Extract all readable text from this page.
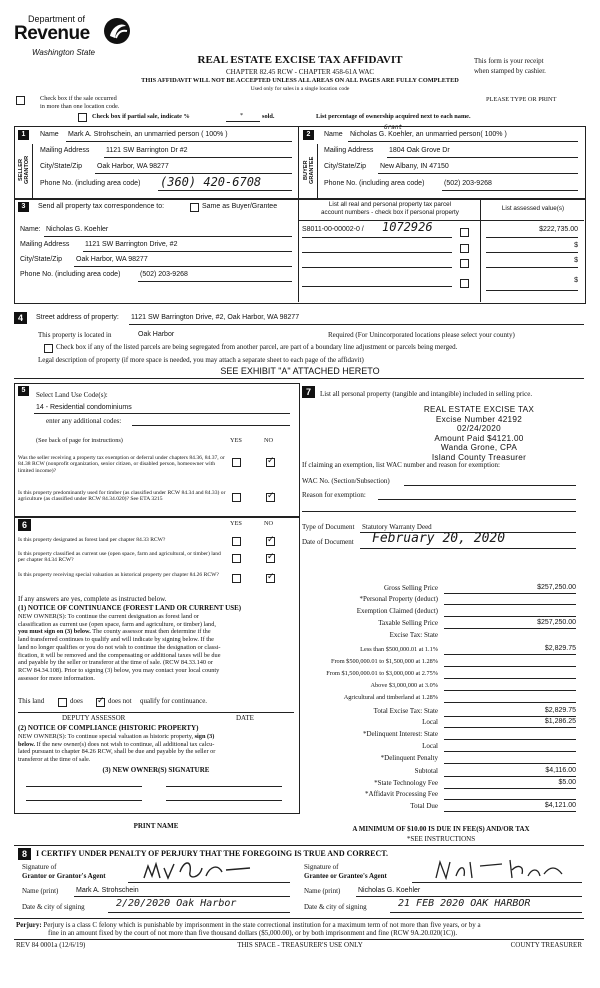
Department of
Revenue
Washington State
REAL ESTATE EXCISE TAX AFFIDAVIT
CHAPTER 82.45 RCW - CHAPTER 458-61A WAC
THIS AFFIDAVIT WILL NOT BE ACCEPTED UNLESS ALL AREAS ON ALL PAGES ARE FULLY COMPLETED
Used only for sales in a single location code
This form is your receipt
when stamped by cashier.
Check box if the sale occurred
in more than one location code.
PLEASE TYPE OR PRINT
Check box if partial sale, indicate %	*	sold.	List percentage of ownership acquired next to each name.
1
SELLER GRANTOR
Name Mark A. Strohschein, an unmarried person ( 100% )
Mailing Address 1121 SW Barrington Dr #2
City/State/Zip Oak Harbor, WA 98277
Phone No. (including area code) (360) 420-6708
2
BUYER GRANTEE
Name Nicholas G. Koehler, an unmarried person( 100% )
Grant
Mailing Address 1804 Oak Grove Dr
City/State/Zip New Albany, IN 47150
Phone No. (including area code)	(502) 203-9268
3	Send all property tax correspondence to:	Same as Buyer/Grantee
Name: Nicholas G. Koehler
Mailing Address 1121 SW Barrington Drive, #2
City/State/Zip Oak Harbor, WA 98277
Phone No. (including area code)	(502) 203-9268
List all real and personal property tax parcel
account numbers - check box if personal property
List assessed value(s)
S8011-00-00002-0 / 1072926	$222,735.00
$
$
$
4	Street address of property: 1121 SW Barrington Drive, #2, Oak Harbor, WA 98277
This property is located in	Oak Harbor	Required (For Unincorporated locations please select your county)
Check box if any of the listed parcels are being segregated from another parcel, are part of a boundary line adjustment or parcels being merged.
Legal description of property (if more space is needed, you may attach a separate sheet to each page of the affidavit)
SEE EXHIBIT "A" ATTACHED HERETO
5
Select Land Use Code(s):
14 - Residential condominiums
enter any additional codes:
(See back of page for instructions)	YES	NO
Was the seller receiving a property tax exemption or deferral under chapters 84.36, 84.37, or 84.38 RCW (nonprofit organization, senior citizen, or disabled person, homeowner with limited income)?
✓
Is this property predominantly used for timber (as classified under RCW 84.34 and 84.33) or agriculture (as classified under RCW 84.34.020)? See ETA 3215
✓
6	YES	NO
Is this property designated as forest land per chapter 84.33 RCW?
✓
Is this property classified as current use (open space, farm and agricultural, or timber) land per chapter 84.34 RCW?
✓
Is this property receiving special valuation as historical property per chapter 84.26 RCW?
✓
If any answers are yes, complete as instructed below.
(1) NOTICE OF CONTINUANCE (FOREST LAND OR CURRENT USE)
NEW OWNER(S): To continue the current designation as forest land or
classification as current use (open space, farm and agriculture, or timber) land,
you must sign on (3) below. The county assessor must then determine if the
land transferred continues to qualify and will indicate by signing below. If the
land no longer qualifies or you do not wish to continue the designation or classi-
fication, it will be removed and the compensating or additional taxes will be due
and payable by the seller or transferor at the time of sale. (RCW 84.33.140 or
RCW 84.34.108). Prior to signing (3) below, you may contact your local county
assessor for more information.
This land	does
✓	does not qualify for continuance.
DEPUTY ASSESSOR	DATE
(2) NOTICE OF COMPLIANCE (HISTORIC PROPERTY)
NEW OWNER(S): To continue special valuation as historic property, sign (3)
below. If the new owner(s) does not wish to continue, all additional tax calcu-
lated pursuant to chapter 84.26 RCW, shall be due and payable by the seller or
transferor at the time of sale.
(3) NEW OWNER(S) SIGNATURE
PRINT NAME
7	List all personal property (tangible and intangible) included in selling price.
REAL ESTATE EXCISE TAX
Excise Number 42192
02/24/2020
Amount Paid $4121.00
Wanda Grone, CPA
Island County Treasurer
If claiming an exemption, list WAC number and reason for exemption:
WAC No. (Section/Subsection)
Reason for exemption:
Type of Document Statutory Warranty Deed
Date of Document February 20, 2020
Gross Selling Price	$257,250.00
*Personal Property (deduct)
Exemption Claimed (deduct)
Taxable Selling Price	$257,250.00
Excise Tax: State
Less than $500,000.01 at 1.1%	$2,829.75
From $500,000.01 to $1,500,000 at 1.28%
From $1,500,000.01 to $3,000,000 at 2.75%
Above $3,000,000 at 3.0%
Agricultural and timberland at 1.28%
Total Excise Tax: State	$2,829.75
Local	$1,286.25
*Delinquent Interest: State
Local
*Delinquent Penalty
Subtotal	$4,116.00
*State Technology Fee	$5.00
*Affidavit Processing Fee
Total Due	$4,121.00
A MINIMUM OF $10.00 IS DUE IN FEE(S) AND/OR TAX
*SEE INSTRUCTIONS
8	I CERTIFY UNDER PENALTY OF PERJURY THAT THE FOREGOING IS TRUE AND CORRECT.
Signature of
Grantor or Grantor's Agent
Name (print)	Mark A. Strohschein
Date & city of signing	2/20/2020 Oak Harbor
Signature of
Grantee or Grantee's Agent
Name (print)	Nicholas G. Koehler
Date & city of signing	21 FEB 2020 OAK HARBOR
Perjury: Perjury is a class C felony which is punishable by imprisonment in the state correctional institution for a maximum term of not more than five years, or by a
fine in an amount fixed by the court of not more than five thousand dollars ($5,000.00), or by both imprisonment and fine (RCW 9A.20.020(1C)).
REV 84 0001a (12/6/19)	THIS SPACE - TREASURER'S USE ONLY	COUNTY TREASURER
